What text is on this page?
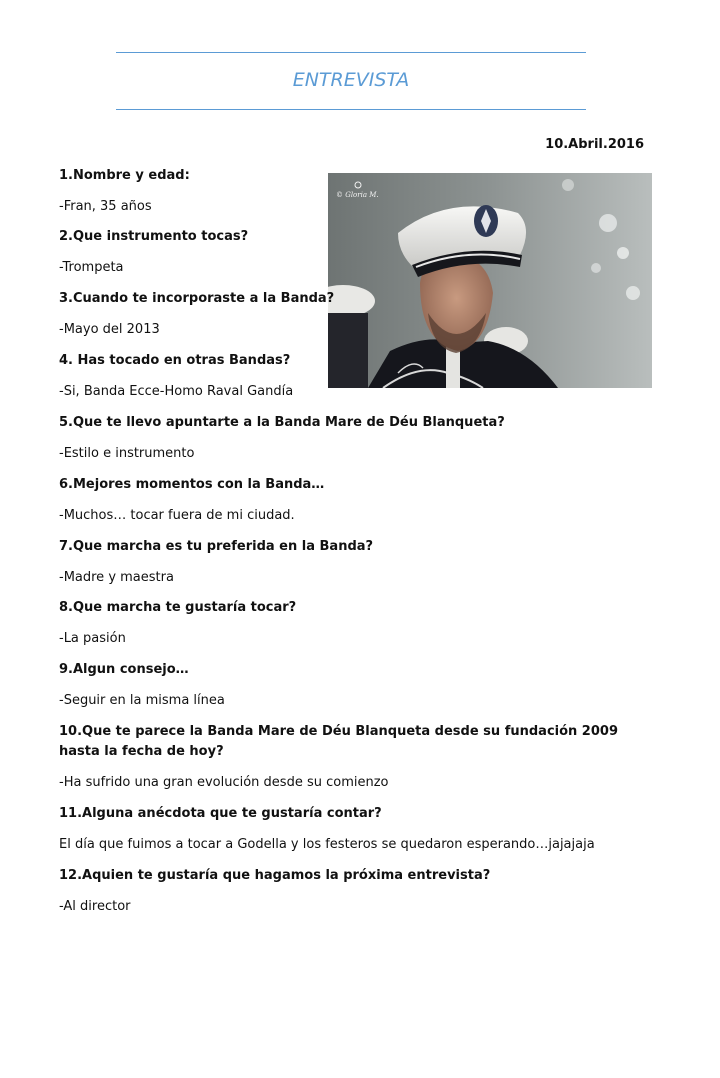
ENTREVISTA
10.Abril.2016
© Gloria M.
1.Nombre y edad:
-Fran, 35 años
2.Que instrumento tocas?
-Trompeta
3.Cuando te incorporaste a la Banda?
-Mayo del 2013
4. Has tocado en otras Bandas?
-Si, Banda Ecce-Homo Raval Gandía
5.Que te llevo apuntarte a la Banda Mare de Déu Blanqueta?
-Estilo e instrumento
6.Mejores momentos con la Banda…
-Muchos… tocar fuera de mi ciudad.
7.Que marcha es tu preferida en la Banda?
-Madre y maestra
8.Que marcha te gustaría tocar?
-La pasión
9.Algun consejo…
-Seguir en la misma línea
10.Que te parece la Banda Mare de Déu Blanqueta desde su fundación 2009 hasta la fecha de hoy?
-Ha sufrido una gran evolución desde su comienzo
11.Alguna anécdota que te gustaría contar?
El día que fuimos a tocar a Godella y los festeros se quedaron esperando…jajajaja
12.Aquien te gustaría que hagamos la próxima entrevista?
-Al director
